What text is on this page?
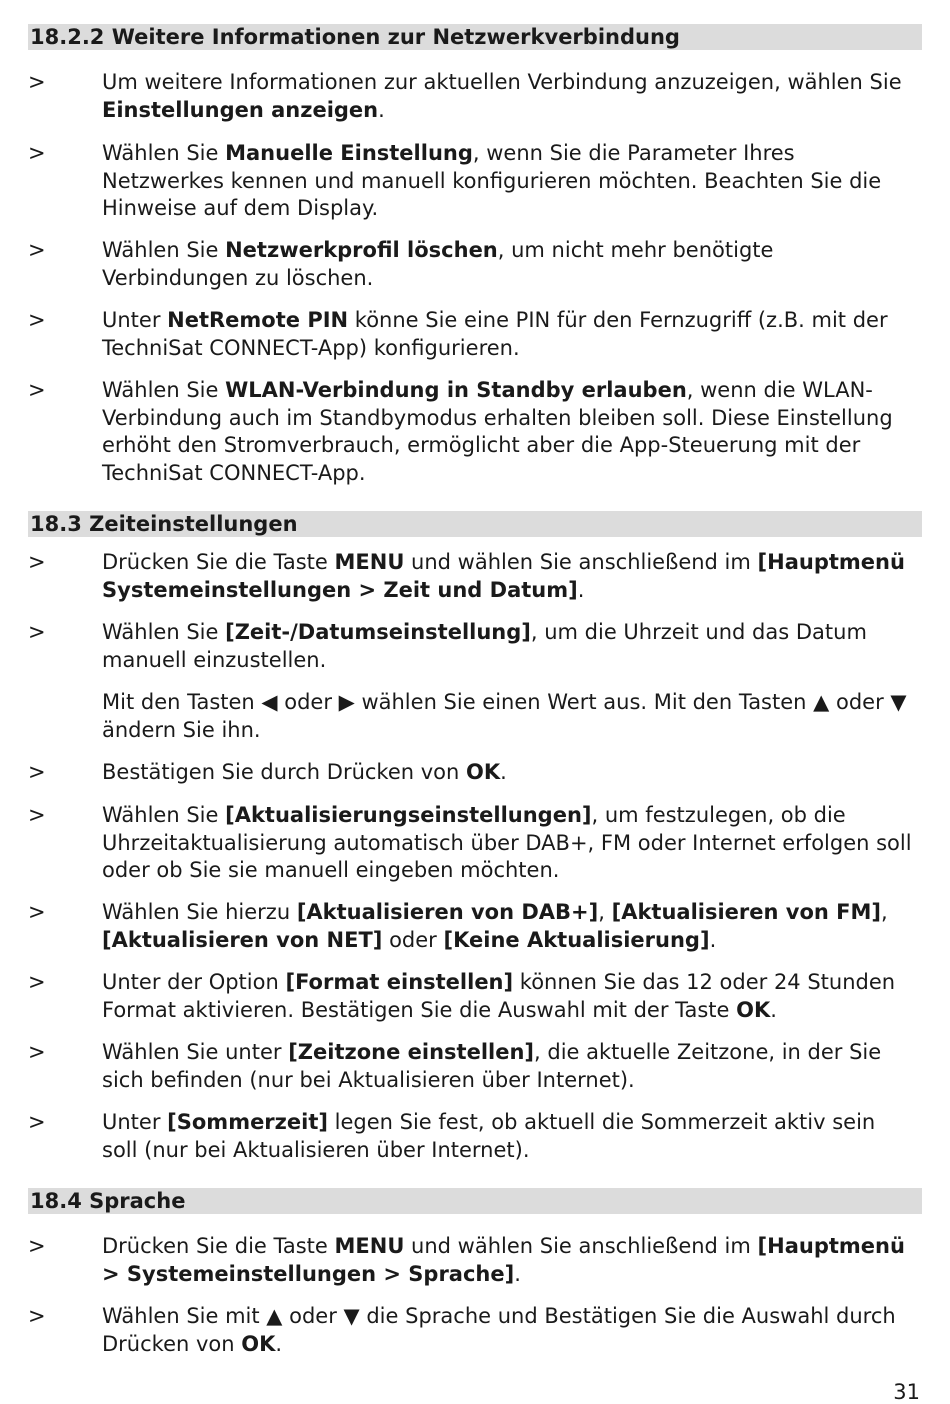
18.2.2 Weitere Informationen zur Netzwerkverbindung
>	Um weitere Informationen zur aktuellen Verbindung anzuzeigen, wählen Sie Einstellungen anzeigen.
>	Wählen Sie Manuelle Einstellung, wenn Sie die Parameter Ihres Netzwerkes kennen und manuell konfigurieren möchten. Beachten Sie die Hinweise auf dem Display.
>	Wählen Sie Netzwerkprofil löschen, um nicht mehr benötigte Verbindungen zu löschen.
>	Unter NetRemote PIN könne Sie eine PIN für den Fernzugriff (z.B. mit der TechniSat CONNECT-App) konfigurieren.
>	Wählen Sie WLAN-Verbindung in Standby erlauben, wenn die WLAN-Verbindung auch im Standbymodus erhalten bleiben soll. Diese Einstellung erhöht den Stromverbrauch, ermöglicht aber die App-Steuerung mit der TechniSat CONNECT-App.
18.3 Zeiteinstellungen
>	Drücken Sie die Taste MENU und wählen Sie anschließend im [Hauptmenü Systemeinstellungen > Zeit und Datum].
>	Wählen Sie [Zeit-/Datumseinstellung], um die Uhrzeit und das Datum manuell einzustellen.
Mit den Tasten ◀ oder ▶ wählen Sie einen Wert aus. Mit den Tasten ▲ oder ▼ ändern Sie ihn.
>	Bestätigen Sie durch Drücken von OK.
>	Wählen Sie [Aktualisierungseinstellungen], um festzulegen, ob die Uhrzeitaktualisierung automatisch über DAB+, FM oder Internet erfolgen soll oder ob Sie sie manuell eingeben möchten.
>	Wählen Sie hierzu [Aktualisieren von DAB+], [Aktualisieren von FM], [Aktualisieren von NET] oder [Keine Aktualisierung].
>	Unter der Option [Format einstellen] können Sie das 12 oder 24 Stunden Format aktivieren. Bestätigen Sie die Auswahl mit der Taste OK.
>	Wählen Sie unter [Zeitzone einstellen], die aktuelle Zeitzone, in der Sie sich befinden (nur bei Aktualisieren über Internet).
>	Unter [Sommerzeit] legen Sie fest, ob aktuell die Sommerzeit aktiv sein soll (nur bei Aktualisieren über Internet).
18.4 Sprache
>	Drücken Sie die Taste MENU und wählen Sie anschließend im [Hauptmenü > Systemeinstellungen > Sprache].
>	Wählen Sie mit ▲ oder ▼ die Sprache und Bestätigen Sie die Auswahl durch Drücken von OK.
31
